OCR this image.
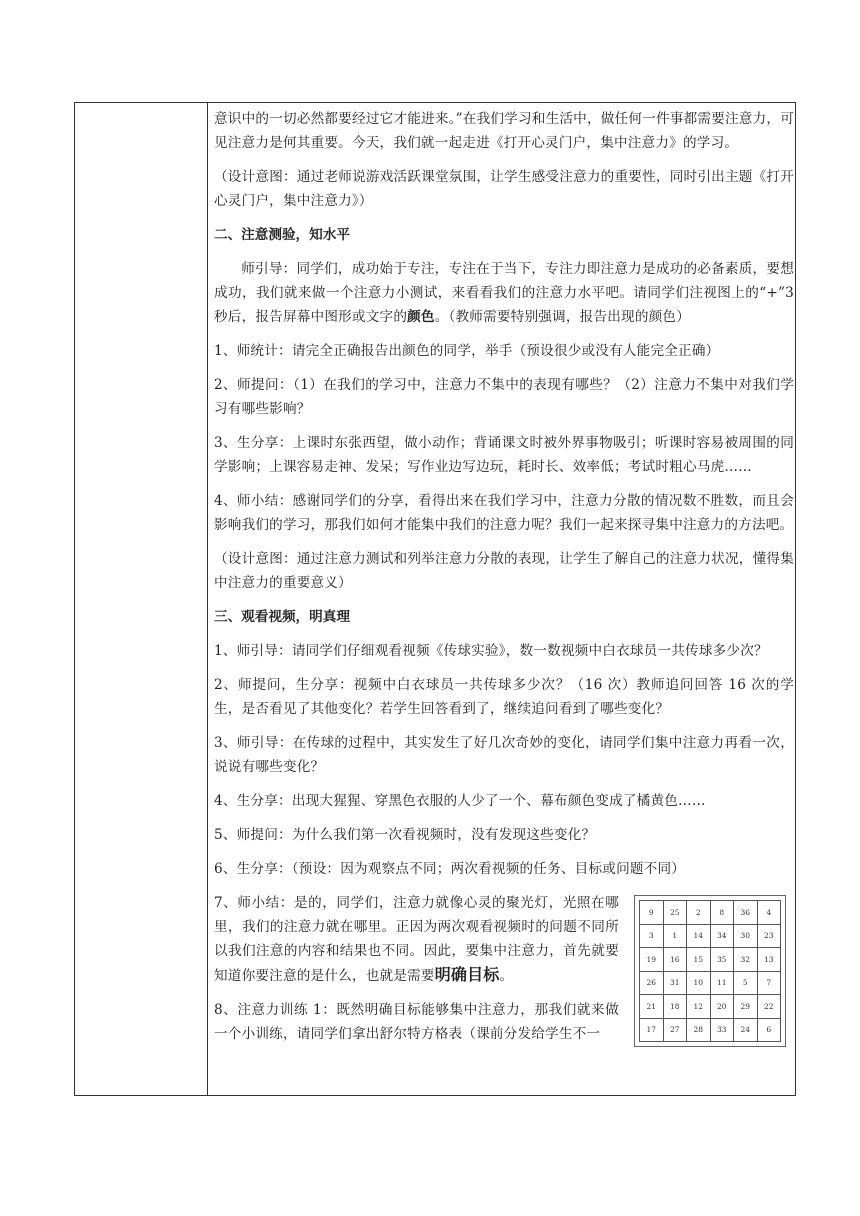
意识中的一切必然都要经过它才能进来。”在我们学习和生活中，做任何一件事都需要注意力，可见注意力是何其重要。今天，我们就一起走进《打开心灵门户，集中注意力》的学习。

（设计意图：通过老师说游戏活跃课堂氛围，让学生感受注意力的重要性，同时引出主题《打开心灵门户，集中注意力》）

二、注意测验，知水平

师引导：同学们，成功始于专注，专注在于当下，专注力即注意力是成功的必备素质，要想成功，我们就来做一个注意力小测试，来看看我们的注意力水平吧。请同学们注视图上的“+”3 秒后，报告屏幕中图形或文字的颜色。（教师需要特别强调，报告出现的颜色）

1、师统计：请完全正确报告出颜色的同学，举手（预设很少或没有人能完全正确）

2、师提问：（1）在我们的学习中，注意力不集中的表现有哪些？（2）注意力不集中对我们学习有哪些影响？

3、生分享：上课时东张西望，做小动作；背诵课文时被外界事物吸引；听课时容易被周围的同学影响；上课容易走神、发呆；写作业边写边玩，耗时长、效率低；考试时粗心马虎……

4、师小结：感谢同学们的分享，看得出来在我们学习中，注意力分散的情况数不胜数，而且会影响我们的学习，那我们如何才能集中我们的注意力呢？我们一起来探寻集中注意力的方法吧。

（设计意图：通过注意力测试和列举注意力分散的表现，让学生了解自己的注意力状况，懂得集中注意力的重要意义）

三、观看视频，明真理

1、师引导：请同学们仔细观看视频《传球实验》，数一数视频中白衣球员一共传球多少次？

2、师提问，生分享：视频中白衣球员一共传球多少次？（16 次）教师追问回答 16 次的学生，是否看见了其他变化？若学生回答看到了，继续追问看到了哪些变化？

3、师引导：在传球的过程中，其实发生了好几次奇妙的变化，请同学们集中注意力再看一次，说说有哪些变化？

4、生分享：出现大猩猩、穿黑色衣服的人少了一个、幕布颜色变成了橘黄色……

5、师提问：为什么我们第一次看视频时，没有发现这些变化？

6、生分享：（预设：因为观察点不同；两次看视频的任务、目标或问题不同）

7、师小结：是的，同学们，注意力就像心灵的聚光灯，光照在哪里，我们的注意力就在哪里。正因为两次观看视频时的问题不同所以我们注意的内容和结果也不同。因此，要集中注意力，首先就要知道你要注意的是什么，也就是需要明确目标。

8、注意力训练 1：既然明确目标能够集中注意力，那我们就来做一个小训练，请同学们拿出舒尔特方格表（课前分发给学生不一

9	25	2	8	36	4
3	1	14	34	30	23
19	16	15	35	32	13
26	31	10	11	5	7
21	18	12	20	29	22
17	27	28	33	24	6
